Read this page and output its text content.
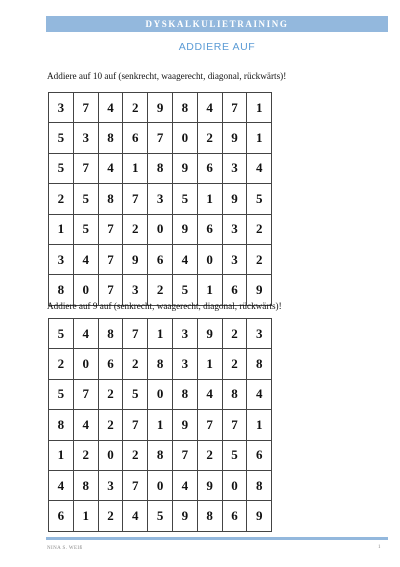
DYSKALKULIETRAINING
ADDIERE AUF
Addiere auf 10 auf (senkrecht, waagerecht, diagonal, rückwärts)!
3	7	4	2	9	8	4	7	1
5	3	8	6	7	0	2	9	1
5	7	4	1	8	9	6	3	4
2	5	8	7	3	5	1	9	5
1	5	7	2	0	9	6	3	2
3	4	7	9	6	4	0	3	2
8	0	7	3	2	5	1	6	9
Addiere auf 9 auf (senkrecht, waagerecht, diagonal, rückwärts)!
5	4	8	7	1	3	9	2	3
2	0	6	2	8	3	1	2	8
5	7	2	5	0	8	4	8	4
8	4	2	7	1	9	7	7	1
1	2	0	2	8	7	2	5	6
4	8	3	7	0	4	9	0	8
6	1	2	4	5	9	8	6	9
NINA S. WEIß	1
